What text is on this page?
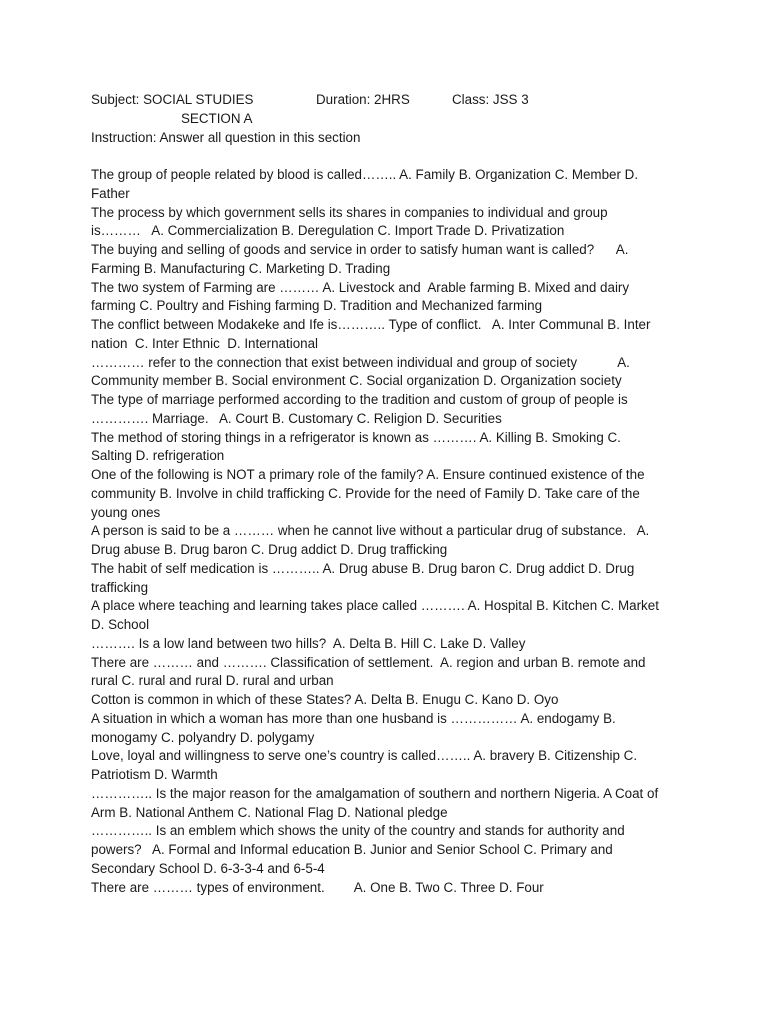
Subject: SOCIAL STUDIES	Duration: 2HRS	Class: JSS 3
SECTION A
Instruction: Answer all question in this section
The group of people related by blood is called…….. A. Family B. Organization C. Member D.
Father
The process by which government sells its shares in companies to individual and group
is………   A. Commercialization B. Deregulation C. Import Trade D. Privatization
The buying and selling of goods and service in order to satisfy human want is called?      A.
Farming B. Manufacturing C. Marketing D. Trading
The two system of Farming are ……… A. Livestock and  Arable farming B. Mixed and dairy
farming C. Poultry and Fishing farming D. Tradition and Mechanized farming
The conflict between Modakeke and Ife is……….. Type of conflict.   A. Inter Communal B. Inter
nation  C. Inter Ethnic  D. International
………… refer to the connection that exist between individual and group of society           A.
Community member B. Social environment C. Social organization D. Organization society
The type of marriage performed according to the tradition and custom of group of people is
…………. Marriage.   A. Court B. Customary C. Religion D. Securities
The method of storing things in a refrigerator is known as ………. A. Killing B. Smoking C.
Salting D. refrigeration
One of the following is NOT a primary role of the family? A. Ensure continued existence of the
community B. Involve in child trafficking C. Provide for the need of Family D. Take care of the
young ones
A person is said to be a ……… when he cannot live without a particular drug of substance.   A.
Drug abuse B. Drug baron C. Drug addict D. Drug trafficking
The habit of self medication is ……….. A. Drug abuse B. Drug baron C. Drug addict D. Drug
trafficking
A place where teaching and learning takes place called ………. A. Hospital B. Kitchen C. Market
D. School
………. Is a low land between two hills?  A. Delta B. Hill C. Lake D. Valley
There are ……… and ………. Classification of settlement.  A. region and urban B. remote and
rural C. rural and rural D. rural and urban
Cotton is common in which of these States? A. Delta B. Enugu C. Kano D. Oyo
A situation in which a woman has more than one husband is …………… A. endogamy B.
monogamy C. polyandry D. polygamy
Love, loyal and willingness to serve one’s country is called…….. A. bravery B. Citizenship C.
Patriotism D. Warmth
………….. Is the major reason for the amalgamation of southern and northern Nigeria. A Coat of
Arm B. National Anthem C. National Flag D. National pledge
………….. Is an emblem which shows the unity of the country and stands for authority and
powers?   A. Formal and Informal education B. Junior and Senior School C. Primary and
Secondary School D. 6-3-3-4 and 6-5-4
There are ……… types of environment.        A. One B. Two C. Three D. Four
